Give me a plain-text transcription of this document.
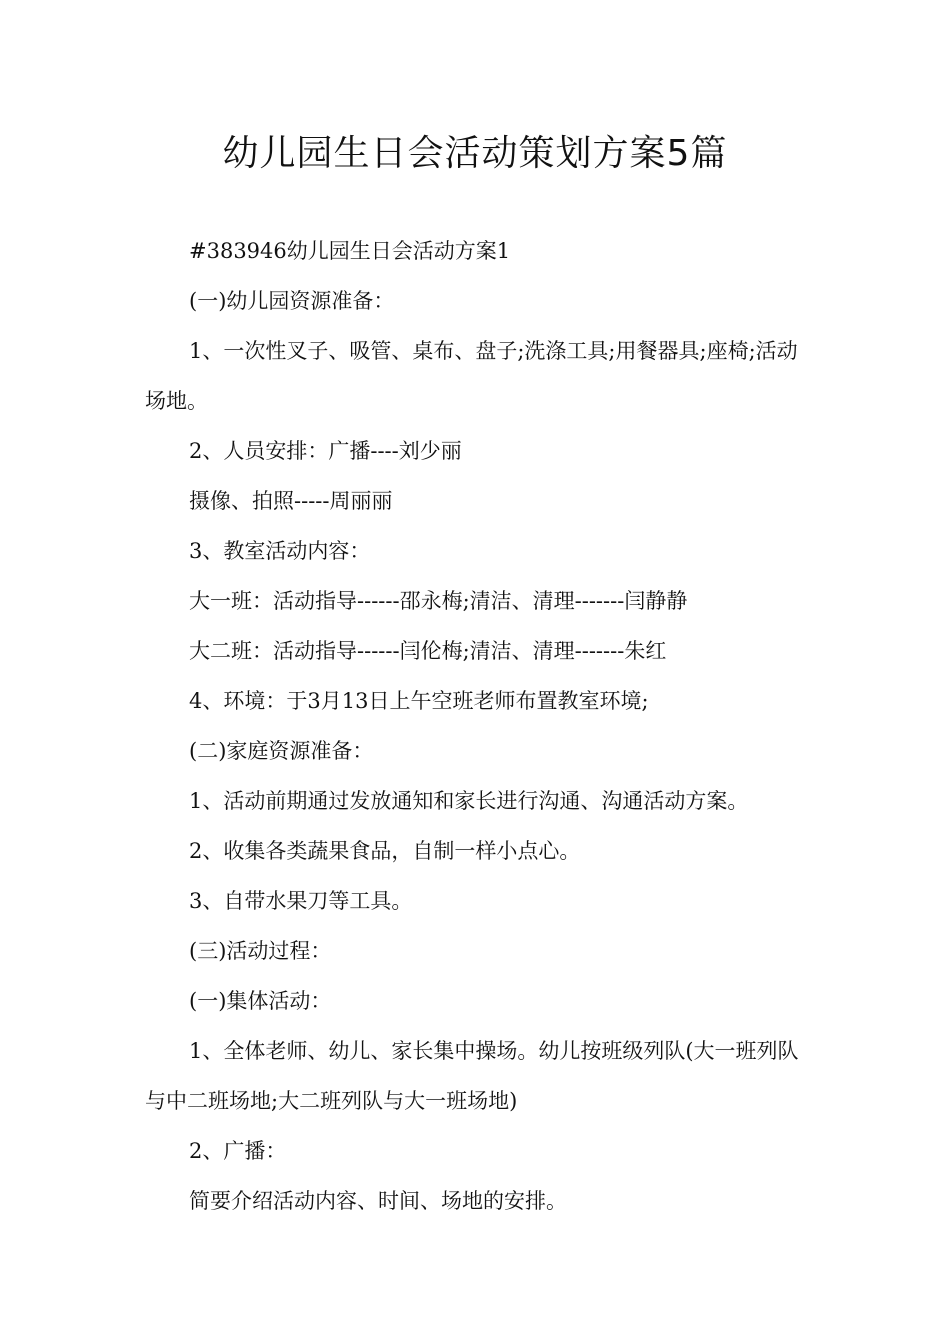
幼儿园生日会活动策划方案5篇

#383946幼儿园生日会活动方案1

(一)幼儿园资源准备：

1、一次性叉子、吸管、桌布、盘子;洗涤工具;用餐器具;座椅;活动场地。

2、人员安排：广播----刘少丽

摄像、拍照-----周丽丽

3、教室活动内容：

大一班：活动指导------邵永梅;清洁、清理-------闫静静

大二班：活动指导------闫伦梅;清洁、清理-------朱红

4、环境：于3月13日上午空班老师布置教室环境;

(二)家庭资源准备：

1、活动前期通过发放通知和家长进行沟通、沟通活动方案。

2、收集各类蔬果食品，自制一样小点心。

3、自带水果刀等工具。

(三)活动过程：

(一)集体活动：

1、全体老师、幼儿、家长集中操场。幼儿按班级列队(大一班列队与中二班场地;大二班列队与大一班场地)

2、广播：

简要介绍活动内容、时间、场地的安排。
